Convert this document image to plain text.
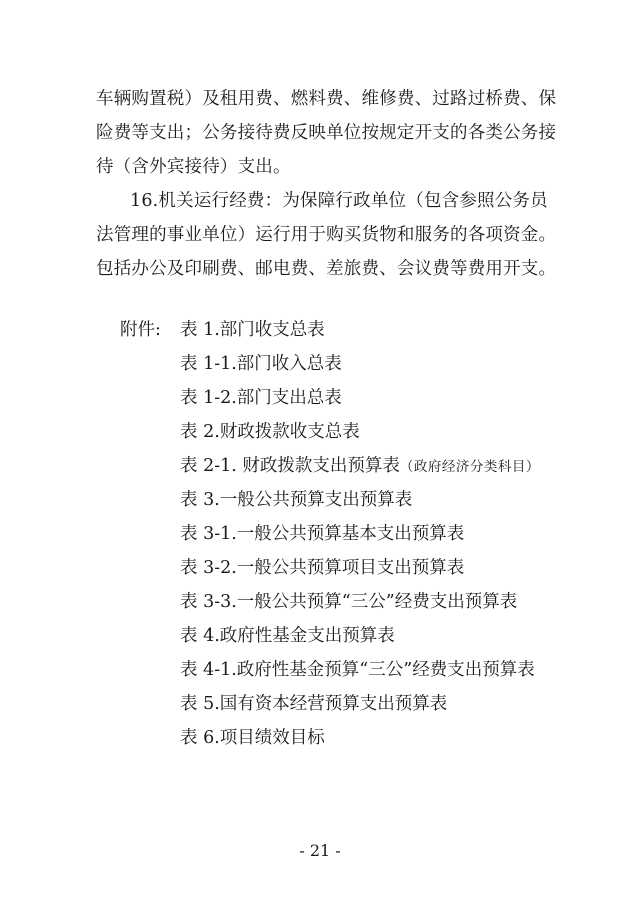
车辆购置税）及租用费、燃料费、维修费、过路过桥费、保
险费等支出；公务接待费反映单位按规定开支的各类公务接
待（含外宾接待）支出。
16.机关运行经费：为保障行政单位（包含参照公务员
法管理的事业单位）运行用于购买货物和服务的各项资金。
包括办公及印刷费、邮电费、差旅费、会议费等费用开支。
附件: 表 1.部门收支总表
表 1-1.部门收入总表
表 1-2.部门支出总表
表 2.财政拨款收支总表
表 2-1. 财政拨款支出预算表（政府经济分类科目）
表 3.一般公共预算支出预算表
表 3-1.一般公共预算基本支出预算表
表 3-2.一般公共预算项目支出预算表
表 3-3.一般公共预算“三公”经费支出预算表
表 4.政府性基金支出预算表
表 4-1.政府性基金预算“三公”经费支出预算表
表 5.国有资本经营预算支出预算表
表 6.项目绩效目标
- 21 -
